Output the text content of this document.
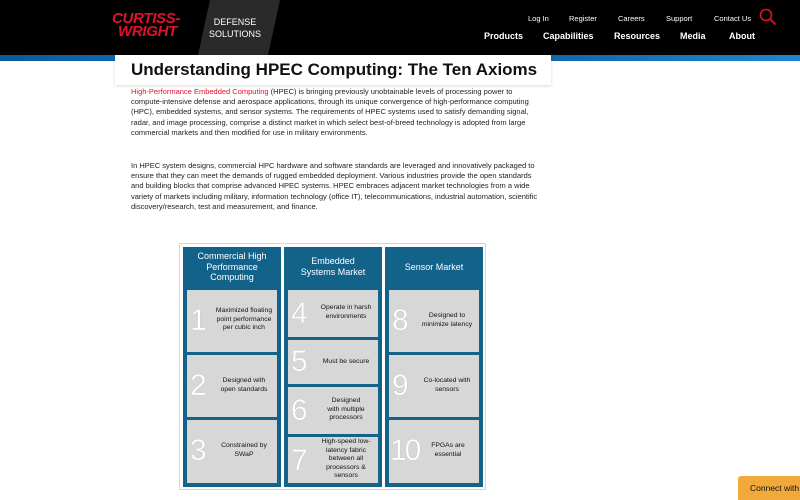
CURTISS-
WRIGHT
DEFENSE
SOLUTIONS
Log In	Register	Careers	Support	Contact Us
Products Capabilities Resources Media	About
Understanding HPEC Computing: The Ten Axioms

High-Performance Embedded Computing (HPEC) is bringing previously unobtainable levels of processing power to compute-intensive defense and aerospace applications, through its unique convergence of high-performance computing (HPC), embedded systems, and sensor systems. The requirements of HPEC systems used to satisfy demanding signal, radar, and image processing, comprise a distinct market in which select best-of-breed technology is adopted from large commercial markets and then modified for use in military environments.

In HPEC system designs, commercial HPC hardware and software standards are leveraged and innovatively packaged to ensure that they can meet the demands of rugged embedded deployment. Various industries provide the open standards and building blocks that comprise advanced HPEC systems. HPEC embraces adjacent market technologies from a wide variety of markets including military, information technology (office IT), telecommunications, industrial automation, scientific discovery/research, test and measurement, and finance.

Commercial High
Performance
Computing
1	Maximized floating
point performance
per cubic inch
2	Designed with
open standards
3	Constrained by
SWaP
Embedded
Systems Market
4	Operate in harsh
environments
5	Must be secure
6	Designed
with multiple
processors
7
High-speed low-
latency fabric
between all
processors &
sensors
Sensor Market
8	Designed to
minimize latency
9	Co-located with
sensors
10	FPGAs are
essential
Connect with
